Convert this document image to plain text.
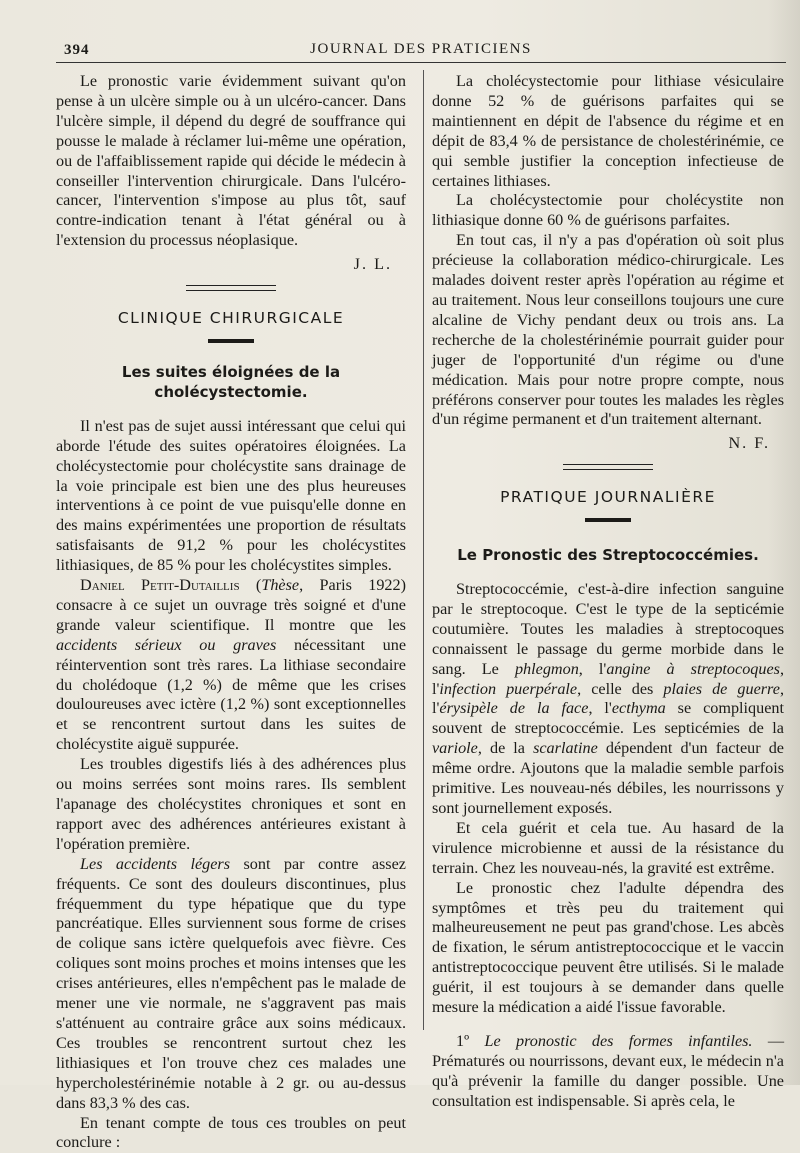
394	JOURNAL DES PRATICIENS

Le pronostic varie évidemment suivant qu'on pense à un ulcère simple ou à un ulcéro-cancer. Dans l'ulcère simple, il dépend du degré de souffrance qui pousse le malade à réclamer lui-même une opération, ou de l'affaiblissement rapide qui décide le médecin à conseiller l'intervention chirurgicale. Dans l'ulcéro-cancer, l'intervention s'impose au plus tôt, sauf contre-indication tenant à l'état général ou à l'extension du processus néoplasique.

J. L.
CLINIQUE CHIRURGICALE
Les suites éloignées de la cholécystectomie.

Il n'est pas de sujet aussi intéressant que celui qui aborde l'étude des suites opératoires éloignées. La cholécystectomie pour cholécystite sans drainage de la voie principale est bien une des plus heureuses interventions à ce point de vue puisqu'elle donne en des mains expérimentées une proportion de résultats satisfaisants de 91,2 % pour les cholécystites lithiasiques, de 85 % pour les cholécystites simples.

Daniel Petit-Dutaillis (Thèse, Paris 1922) consacre à ce sujet un ouvrage très soigné et d'une grande valeur scientifique. Il montre que les accidents sérieux ou graves nécessitant une réintervention sont très rares. La lithiase secondaire du cholédoque (1,2 %) de même que les crises douloureuses avec ictère (1,2 %) sont exceptionnelles et se rencontrent surtout dans les suites de cholécystite aiguë suppurée.

Les troubles digestifs liés à des adhérences plus ou moins serrées sont moins rares. Ils semblent l'apanage des cholécystites chroniques et sont en rapport avec des adhérences antérieures existant à l'opération première.

Les accidents légers sont par contre assez fréquents. Ce sont des douleurs discontinues, plus fréquemment du type hépatique que du type pancréatique. Elles surviennent sous forme de crises de colique sans ictère quelquefois avec fièvre. Ces coliques sont moins proches et moins intenses que les crises antérieures, elles n'empêchent pas le malade de mener une vie normale, ne s'aggravent pas mais s'atténuent au contraire grâce aux soins médicaux. Ces troubles se rencontrent surtout chez les lithiasiques et l'on trouve chez ces malades une hypercholestérinémie notable à 2 gr. ou au-dessus dans 83,3 % des cas.

En tenant compte de tous ces troubles on peut conclure :

La cholécystectomie pour lithiase vésiculaire donne 52 % de guérisons parfaites qui se maintiennent en dépit de l'absence du régime et en dépit de 83,4 % de persistance de cholestérinémie, ce qui semble justifier la conception infectieuse de certaines lithiases.

La cholécystectomie pour cholécystite non lithiasique donne 60 % de guérisons parfaites.

En tout cas, il n'y a pas d'opération où soit plus précieuse la collaboration médico-chirurgicale. Les malades doivent rester après l'opération au régime et au traitement. Nous leur conseillons toujours une cure alcaline de Vichy pendant deux ou trois ans. La recherche de la cholestérinémie pourrait guider pour juger de l'opportunité d'un régime ou d'une médication. Mais pour notre propre compte, nous préférons conserver pour toutes les malades les règles d'un régime permanent et d'un traitement alternant.

N. F.
PRATIQUE JOURNALIÈRE
Le Pronostic des Streptococcémies.

Streptococcémie, c'est-à-dire infection sanguine par le streptocoque. C'est le type de la septicémie coutumière. Toutes les maladies à streptocoques connaissent le passage du germe morbide dans le sang. Le phlegmon, l'angine à streptocoques, l'infection puerpérale, celle des plaies de guerre, l'érysipèle de la face, l'ecthyma se compliquent souvent de streptococcémie. Les septicémies de la variole, de la scarlatine dépendent d'un facteur de même ordre. Ajoutons que la maladie semble parfois primitive. Les nouveau-nés débiles, les nourrissons y sont journellement exposés.

Et cela guérit et cela tue. Au hasard de la virulence microbienne et aussi de la résistance du terrain. Chez les nouveau-nés, la gravité est extrême.

Le pronostic chez l'adulte dépendra des symptômes et très peu du traitement qui malheureusement ne peut pas grand'chose. Les abcès de fixation, le sérum antistreptococcique et le vaccin antistreptococcique peuvent être utilisés. Si le malade guérit, il est toujours à se demander dans quelle mesure la médication a aidé l'issue favorable.

1º Le pronostic des formes infantiles. — Prématurés ou nourrissons, devant eux, le médecin n'a qu'à prévenir la famille du danger possible. Une consultation est indispensable. Si après cela, le
